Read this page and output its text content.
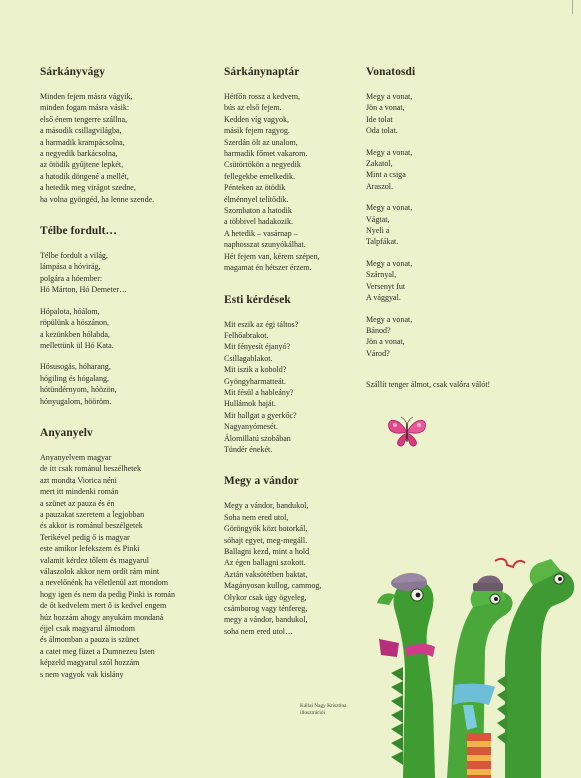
Sárkányvágy
Minden fejem másra vágyik,
minden fogam másra vásik:
első énem tengerre szállna,
a második csillagvilágba,
a harmadik krampácsolna,
a negyedik barkácsolna,
az ötödik gyűjtene lepkét,
a hatodik döngené a mellét,
a hetedik meg virágot szedne,
ha volna gyöngéd, ha lenne szende.
Télbe fordult…
Télbe fordult a világ,
lámpása a hóvirág,
polgára a hóember:
Hó Márton, Hó Demeter…
Hópalota, hóálom,
röpülünk a hószánon,
a kezünkben hólabda,
mellettünk ül Hó Kata.
Hósusogás, hóharang,
hógiling és hógalang,
hótündérnyom, hóözön,
hónyugalom, hööröm.
Anyanyelv
Anyanyelvem magyar
de itt csak románul beszélhetek
azt mondta Viorica néni
mert itt mindenki román
a szünet az pauza és én
a pauzakat szeretem a legjobban
és akkor is románul beszélgetek
Terikével pedig ő is magyar
este amikor lefekszem és Pinki
valamit kérdez tőlem és magyarul
válaszolok akkor nem ordít rám mint
a nevelőnénk ha véletlenül azt mondom
hogy igen és nem da pedig Pinki is román
de őt kedvelem mert ő is kedvel engem
húz hozzám ahogy anyukám mondaná
éjjel csak magyarul álmodom
és álmomban a pauza is szünet
a catet meg füzet a Dumnezeu Isten
képzeld magyarul szól hozzám
s nem vagyok vak kislány
Sárkánynaptár
Hétfőn rossz a kedvem,
bús az első fejem.
Kedden víg vagyok,
másik fejem ragyog.
Szerdán ölt az unalom,
harmadik főmet vakarom.
Csütörtökön a negyedik
fellegekbe emelkedik.
Pénteken az ötödik
élménnyel telítődik.
Szombaton a hatodik
a többivel hadakozik.
A hetedik – vasárnap –
naphosszat szunyókálhat.
Hét fejem van, kérem szépen,
magamat én hétszer érzem.
Esti kérdések
Mit eszik az égi táltos?
Felhőabrakot.
Mit fényesít éjanyó?
Csillagablakot.
Mit iszik a kobold?
Gyöngyharmatteát.
Mit fésül a hableány?
Hullámok haját.
Mit hallgat a gyerkőc?
Nagyanyómesét.
Álomillatú szobában
Tündér énekét.
Megy a vándor
Megy a vándor, bandukol,
Soha nem ered utol,
Göröngyök közt botorkál,
sóhajt egyet, meg-megáll.
Ballagni kezd, mint a hold
Az égen ballagni szokott.
Aztán vaksötétben baktat,
Magányosan kullog, cammog,
Olykor csak úgy ögyeleg,
csámborog vagy ténfereg,
megy a vándor, bandukol,
soha nem ered utol…
Vonatosdi
Megy a vonat,
Jön a vonat,
Ide tolat
Oda tolat.
Megy a vonat,
Zakatol,
Mint a csiga
Araszol.
Megy a vonat,
Vágtat,
Nyeli a
Talpfákat.
Megy a vonat,
Szárnyal,
Versenyt fut
A vággyal.
Megy a vonat,
Bánod?
Jön a vonat,
Várod?
Szállít tenger álmot, csak valóra válót!
Kállai Nagy Krisztina
illusztrációi
